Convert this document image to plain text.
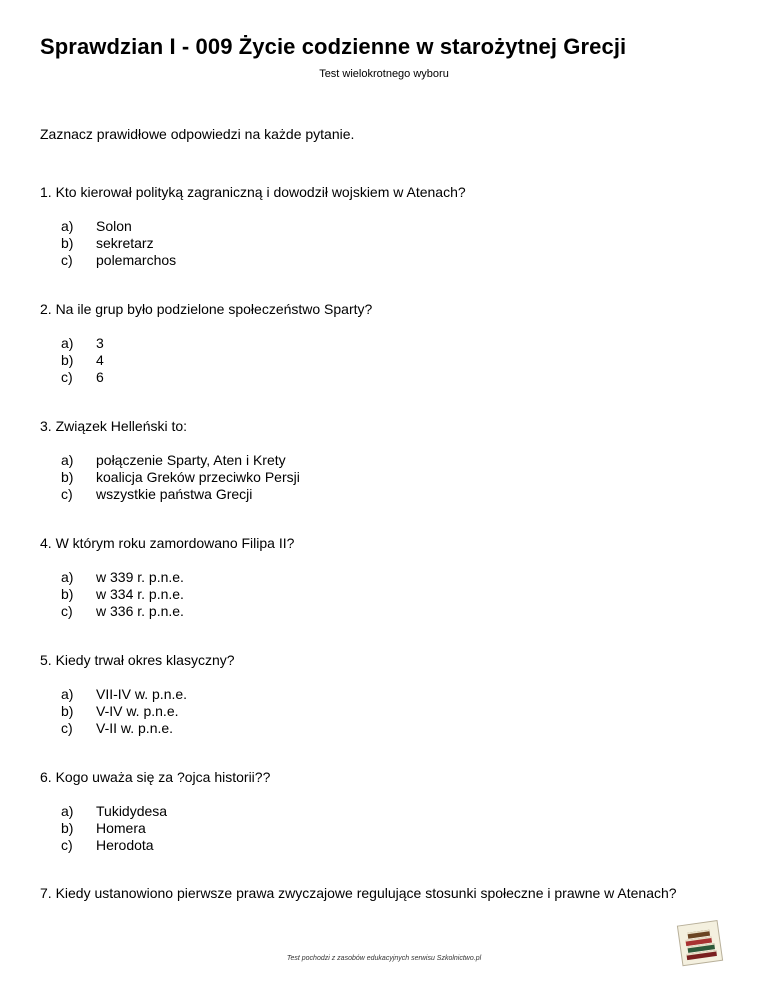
Sprawdzian I - 009 Życie codzienne w starożytnej Grecji
Test wielokrotnego wyboru
Zaznacz prawidłowe odpowiedzi na każde pytanie.

1. Kto kierował polityką zagraniczną i dowodził wojskiem w Atenach?

a) Solon
b) sekretarz
c) polemarchos

2. Na ile grup było podzielone społeczeństwo Sparty?

a) 3
b) 4
c) 6

3. Związek Helleński to:

a) połączenie Sparty, Aten i Krety
b) koalicja Greków przeciwko Persji
c) wszystkie państwa Grecji

4. W którym roku zamordowano Filipa II?

a) w 339 r. p.n.e.
b) w 334 r. p.n.e.
c) w 336 r. p.n.e.

5. Kiedy trwał okres klasyczny?

a) VII-IV w. p.n.e.
b) V-IV w. p.n.e.
c) V-II w. p.n.e.

6. Kogo uważa się za ?ojca historii??

a) Tukidydesa
b) Homera
c) Herodota

7. Kiedy ustanowiono pierwsze prawa zwyczajowe regulujące stosunki społeczne i prawne w Atenach?

Test pochodzi z zasobów edukacyjnych serwisu Szkolnictwo.pl
